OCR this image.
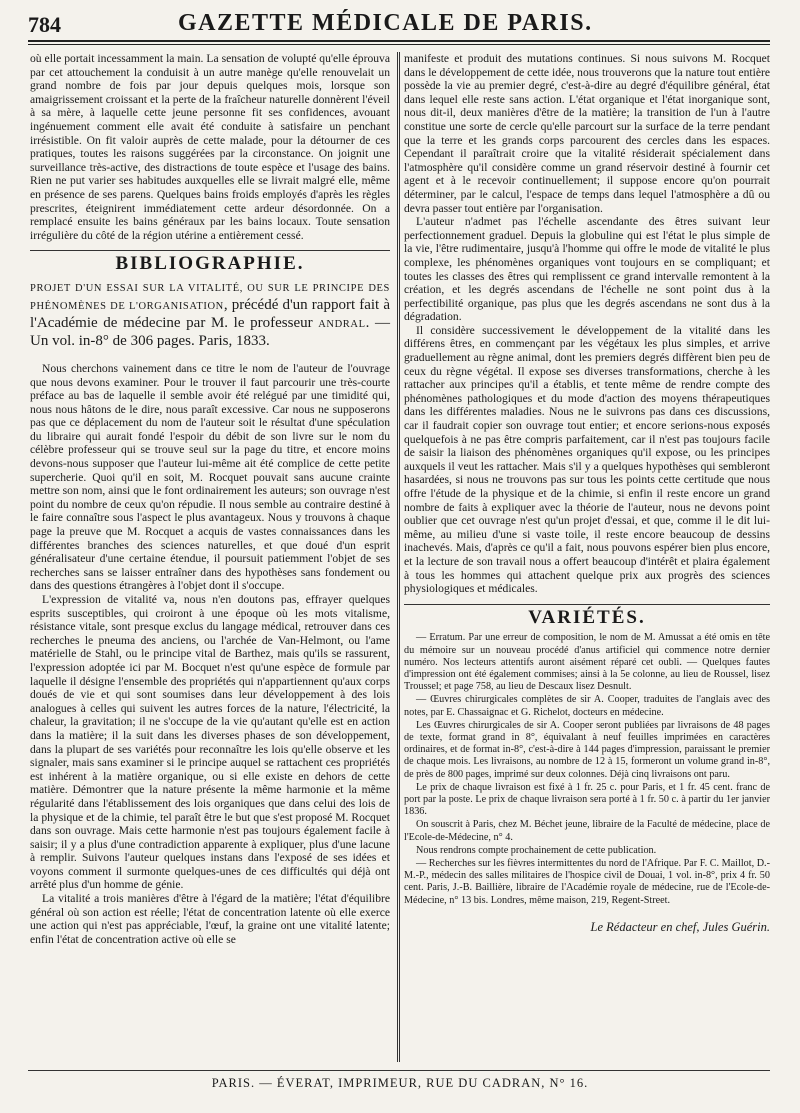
784	GAZETTE MÉDICALE DE PARIS.

où elle portait incessamment la main. La sensation de volupté qu'elle éprouva par cet attouchement la conduisit à un autre manège qu'elle renouvelait un grand nombre de fois par jour depuis quelques mois, lorsque son amaigrissement croissant et la perte de la fraîcheur naturelle donnèrent l'éveil à sa mère, à laquelle cette jeune personne fit ses confidences, avouant ingénuement comment elle avait été conduite à satisfaire un penchant irrésistible. On fit valoir auprès de cette malade, pour la détourner de ces pratiques, toutes les raisons suggérées par la circonstance. On joignit une surveillance très-active, des distractions de toute espèce et l'usage des bains. Rien ne put varier ses habitudes auxquelles elle se livrait malgré elle, même en présence de ses parens. Quelques bains froids employés d'après les règles prescrites, éteignirent immédiatement cette ardeur désordonnée. On a remplacé ensuite les bains généraux par les bains locaux. Toute sensation irrégulière du côté de la région utérine a entièrement cessé.

BIBLIOGRAPHIE.

PROJET D'UN ESSAI SUR LA VITALITÉ, OU SUR LE PRINCIPE DES PHÉNOMÈNES DE L'ORGANISATION, précédé d'un rapport fait à l'Académie de médecine par M. le professeur ANDRAL. — Un vol. in-8° de 306 pages. Paris, 1833.

Nous cherchons vainement dans ce titre le nom de l'auteur de l'ouvrage que nous devons examiner. Pour le trouver il faut parcourir une très-courte préface au bas de laquelle il semble avoir été relégué par une timidité qui, nous nous hâtons de le dire, nous paraît excessive. Car nous ne supposerons pas que ce déplacement du nom de l'auteur soit le résultat d'une spéculation du libraire qui aurait fondé l'espoir du débit de son livre sur le nom du célèbre professeur qui se trouve seul sur la page du titre, et encore moins devons-nous supposer que l'auteur lui-même ait été complice de cette petite supercherie. Quoi qu'il en soit, M. Rocquet pouvait sans aucune crainte mettre son nom, ainsi que le font ordinairement les auteurs; son ouvrage n'est point du nombre de ceux qu'on répudie. Il nous semble au contraire destiné à le faire connaître sous l'aspect le plus avantageux. Nous y trouvons à chaque page la preuve que M. Rocquet a acquis de vastes connaissances dans les différentes branches des sciences naturelles, et que doué d'un esprit généralisateur d'une certaine étendue, il poursuit patiemment l'objet de ses recherches sans se laisser entraîner dans des hypothèses sans fondement ou dans des questions étrangères à l'objet dont il s'occupe.

L'expression de vitalité va, nous n'en doutons pas, effrayer quelques esprits susceptibles, qui croiront à une époque où les mots vitalisme, résistance vitale, sont presque exclus du langage médical, retrouver dans ces recherches le pneuma des anciens, ou l'archée de Van-Helmont, ou l'ame matérielle de Stahl, ou le principe vital de Barthez, mais qu'ils se rassurent, l'expression adoptée ici par M. Bocquet n'est qu'une espèce de formule par laquelle il désigne l'ensemble des propriétés qui n'appartiennent qu'aux corps doués de vie et qui sont soumises dans leur développement à des lois analogues à celles qui suivent les autres forces de la nature, l'électricité, la chaleur, la gravitation; il ne s'occupe de la vie qu'autant qu'elle est en action dans la matière; il la suit dans les diverses phases de son développement, dans la plupart de ses variétés pour reconnaître les lois qu'elle observe et les signaler, mais sans examiner si le principe auquel se rattachent ces propriétés est inhérent à la matière organique, ou si elle existe en dehors de cette matière. Démontrer que la nature présente la même harmonie et la même régularité dans l'établissement des lois organiques que dans celui des lois de la physique et de la chimie, tel paraît être le but que s'est proposé M. Rocquet dans son ouvrage. Mais cette harmonie n'est pas toujours également facile à saisir; il y a plus d'une contradiction apparente à expliquer, plus d'une lacune à remplir. Suivons l'auteur quelques instans dans l'exposé de ses idées et voyons comment il surmonte quelques-unes de ces difficultés qui déjà ont arrêté plus d'un homme de génie.

La vitalité a trois manières d'être à l'égard de la matière; l'état d'équilibre général où son action est réelle; l'état de concentration latente où elle exerce une action qui n'est pas appréciable, l'œuf, la graine ont une vitalité latente; enfin l'état de concentration active où elle se

manifeste et produit des mutations continues. Si nous suivons M. Rocquet dans le développement de cette idée, nous trouverons que la nature tout entière possède la vie au premier degré, c'est-à-dire au degré d'équilibre général, état dans lequel elle reste sans action. L'état organique et l'état inorganique sont, nous dit-il, deux manières d'être de la matière; la transition de l'un à l'autre constitue une sorte de cercle qu'elle parcourt sur la surface de la terre pendant que la terre et les grands corps parcourent des cercles dans les espaces. Cependant il paraîtrait croire que la vitalité résiderait spécialement dans l'atmosphère qu'il considère comme un grand réservoir destiné à fournir cet agent et à le recevoir continuellement; il suppose encore qu'on pourrait déterminer, par le calcul, l'espace de temps dans lequel l'atmosphère a dû ou devra passer tout entière par l'organisation.

L'auteur n'admet pas l'échelle ascendante des êtres suivant leur perfectionnement graduel. Depuis la globuline qui est l'état le plus simple de la vie, l'être rudimentaire, jusqu'à l'homme qui offre le mode de vitalité le plus complexe, les phénomènes organiques vont toujours en se compliquant; et toutes les classes des êtres qui remplissent ce grand intervalle remontent à la création, et les degrés ascendans de l'échelle ne sont point dus à la perfectibilité organique, pas plus que les degrés ascendans ne sont dus à la dégradation.

Il considère successivement le développement de la vitalité dans les différens êtres, en commençant par les végétaux les plus simples, et arrive graduellement au règne animal, dont les premiers degrés diffèrent bien peu de ceux du règne végétal. Il expose ses diverses transformations, cherche à les rattacher aux principes qu'il a établis, et tente même de rendre compte des phénomènes pathologiques et du mode d'action des moyens thérapeutiques dans les différentes maladies. Nous ne le suivrons pas dans ces discussions, car il faudrait copier son ouvrage tout entier; et encore serions-nous exposés quelquefois à ne pas être compris parfaitement, car il n'est pas toujours facile de saisir la liaison des phénomènes organiques qu'il expose, ou les principes auxquels il veut les rattacher. Mais s'il y a quelques hypothèses qui sembleront hasardées, si nous ne trouvons pas sur tous les points cette certitude que nous offre l'étude de la physique et de la chimie, si enfin il reste encore un grand nombre de faits à expliquer avec la théorie de l'auteur, nous ne devons point oublier que cet ouvrage n'est qu'un projet d'essai, et que, comme il le dit lui-même, au milieu d'une si vaste toile, il reste encore beaucoup de dessins inachevés. Mais, d'après ce qu'il a fait, nous pouvons espérer bien plus encore, et la lecture de son travail nous a offert beaucoup d'intérêt et plaira également à tous les hommes qui attachent quelque prix aux progrès des sciences physiologiques et médicales.

VARIÉTÉS.

— Erratum. Par une erreur de composition, le nom de M. Amussat a été omis en tête du mémoire sur un nouveau procédé d'anus artificiel qui commence notre dernier numéro. Nos lecteurs attentifs auront aisément réparé cet oubli. — Quelques fautes d'impression ont été également commises; ainsi à la 5e colonne, au lieu de Roussel, lisez Troussel; et page 758, au lieu de Descaux lisez Desnult.

— Œuvres chirurgicales complètes de sir A. Cooper, traduites de l'anglais avec des notes, par E. Chassaignac et G. Richelot, docteurs en médecine.

Les Œuvres chirurgicales de sir A. Cooper seront publiées par livraisons de 48 pages de texte, format grand in 8°, équivalant à neuf feuilles imprimées en caractères ordinaires, et de format in-8°, c'est-à-dire à 144 pages d'impression, paraissant le premier de chaque mois. Les livraisons, au nombre de 12 à 15, formeront un volume grand in-8°, de près de 800 pages, imprimé sur deux colonnes. Déjà cinq livraisons ont paru.

Le prix de chaque livraison est fixé à 1 fr. 25 c. pour Paris, et 1 fr. 45 cent. franc de port par la poste. Le prix de chaque livraison sera porté à 1 fr. 50 c. à partir du 1er janvier 1836.

On souscrit à Paris, chez M. Béchet jeune, libraire de la Faculté de médecine, place de l'Ecole-de-Médecine, n° 4.

Nous rendrons compte prochainement de cette publication.

— Recherches sur les fièvres intermittentes du nord de l'Afrique. Par F. C. Maillot, D.-M.-P., médecin des salles militaires de l'hospice civil de Douai, 1 vol. in-8°, prix 4 fr. 50 cent. Paris, J.-B. Baillière, libraire de l'Académie royale de médecine, rue de l'Ecole-de-Médecine, n° 13 bis. Londres, même maison, 219, Regent-Street.

Le Rédacteur en chef, Jules Guérin.

PARIS. — ÉVERAT, IMPRIMEUR, RUE DU CADRAN, N° 16.
